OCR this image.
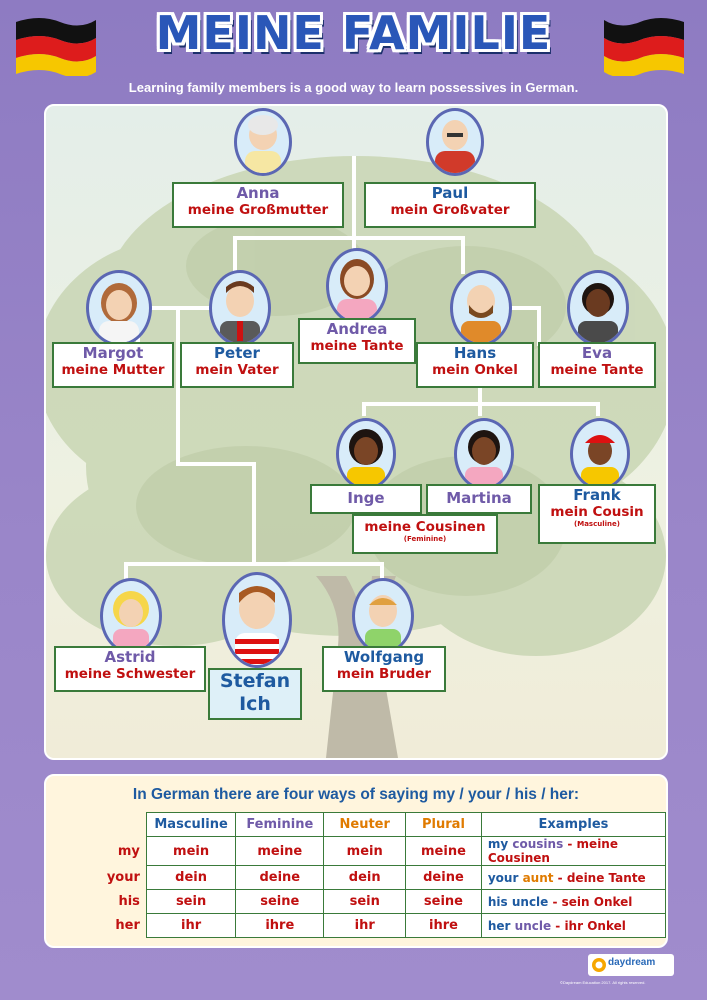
MEINE FAMILIE
Learning family members is a good way to learn possessives in German.
Anna
meine Großmutter
Paul
mein Großvater
Margot
meine Mutter
Peter
mein Vater
Andrea
meine Tante	Hans
mein Onkel
Eva
meine Tante
Inge	Martina
meine Cousinen
(Feminine)
Frank
mein Cousin
(Masculine)
Astrid
meine Schwester	Stefan
Ich
Wolfgang
mein Bruder
In German there are four ways of saying my / your / his / her:
	Masculine	Feminine	Neuter	Plural	Examples
my	mein	meine	mein	meine	my cousins - meine Cousinen
your	dein	deine	dein	deine	your aunt - deine Tante
his	sein	seine	sein	seine	his uncle - sein Onkel
her	ihr	ihre	ihr	ihre	her uncle - ihr Onkel
daydream
©Daydream Education 2017. All rights reserved.
